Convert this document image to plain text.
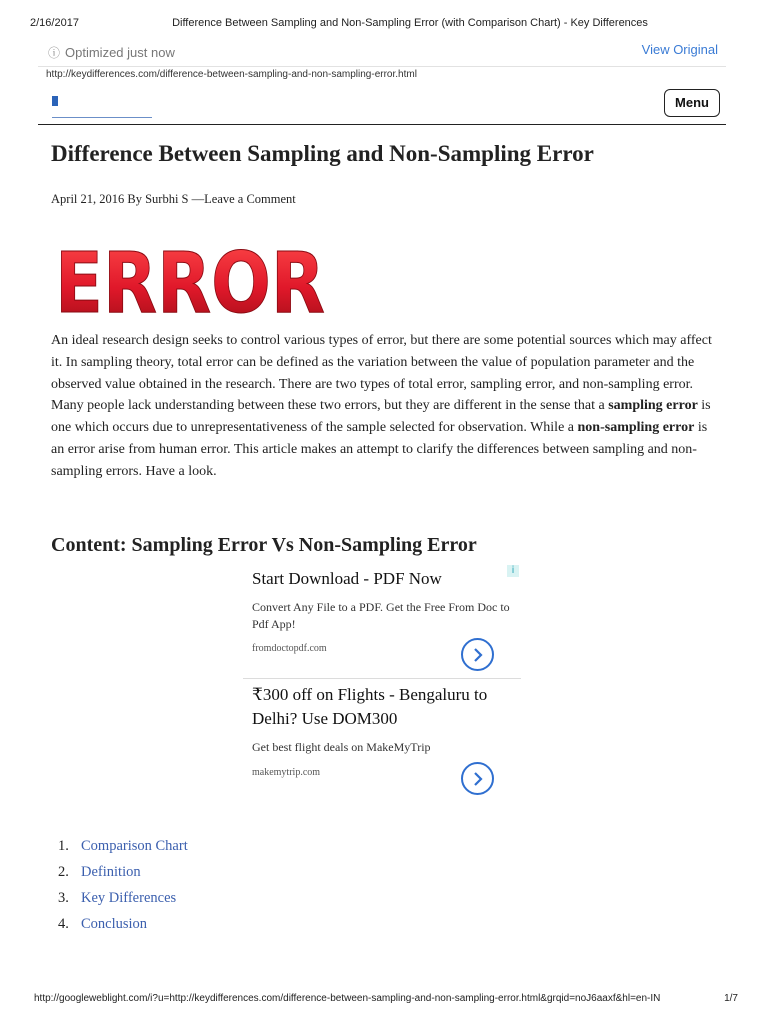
2/16/2017	Difference Between Sampling and Non-Sampling Error (with Comparison Chart) - Key Differences
ⓘ Optimized just now	View Original
http://keydifferences.com/difference-between-sampling-and-non-sampling-error.html
Menu
Difference Between Sampling and Non-Sampling Error
April 21, 2016 By Surbhi S —Leave a Comment
ERROR

An ideal research design seeks to control various types of error, but there are some potential sources which may affect it. In sampling theory, total error can be defined as the variation between the value of population parameter and the observed value obtained in the research. There are two types of total error, sampling error, and non-sampling error. Many people lack understanding between these two errors, but they are different in the sense that a sampling error is one which occurs due to unrepresentativeness of the sample selected for observation. While a non-sampling error is an error arise from human error. This article makes an attempt to clarify the differences between sampling and non-sampling errors. Have a look.

Content: Sampling Error Vs Non-Sampling Error
i
Start Download - PDF Now
Convert Any File to a PDF. Get the Free From Doc to Pdf App!
fromdoctopdf.com
₹300 off on Flights - Bengaluru to Delhi? Use DOM300
Get best flight deals on MakeMyTrip
makemytrip.com
1. Comparison Chart
2. Definition
3. Key Differences
4. Conclusion
http://googleweblight.com/i?u=http://keydifferences.com/difference-between-sampling-and-non-sampling-error.html&grqid=noJ6aaxf&hl=en-IN	1/7
